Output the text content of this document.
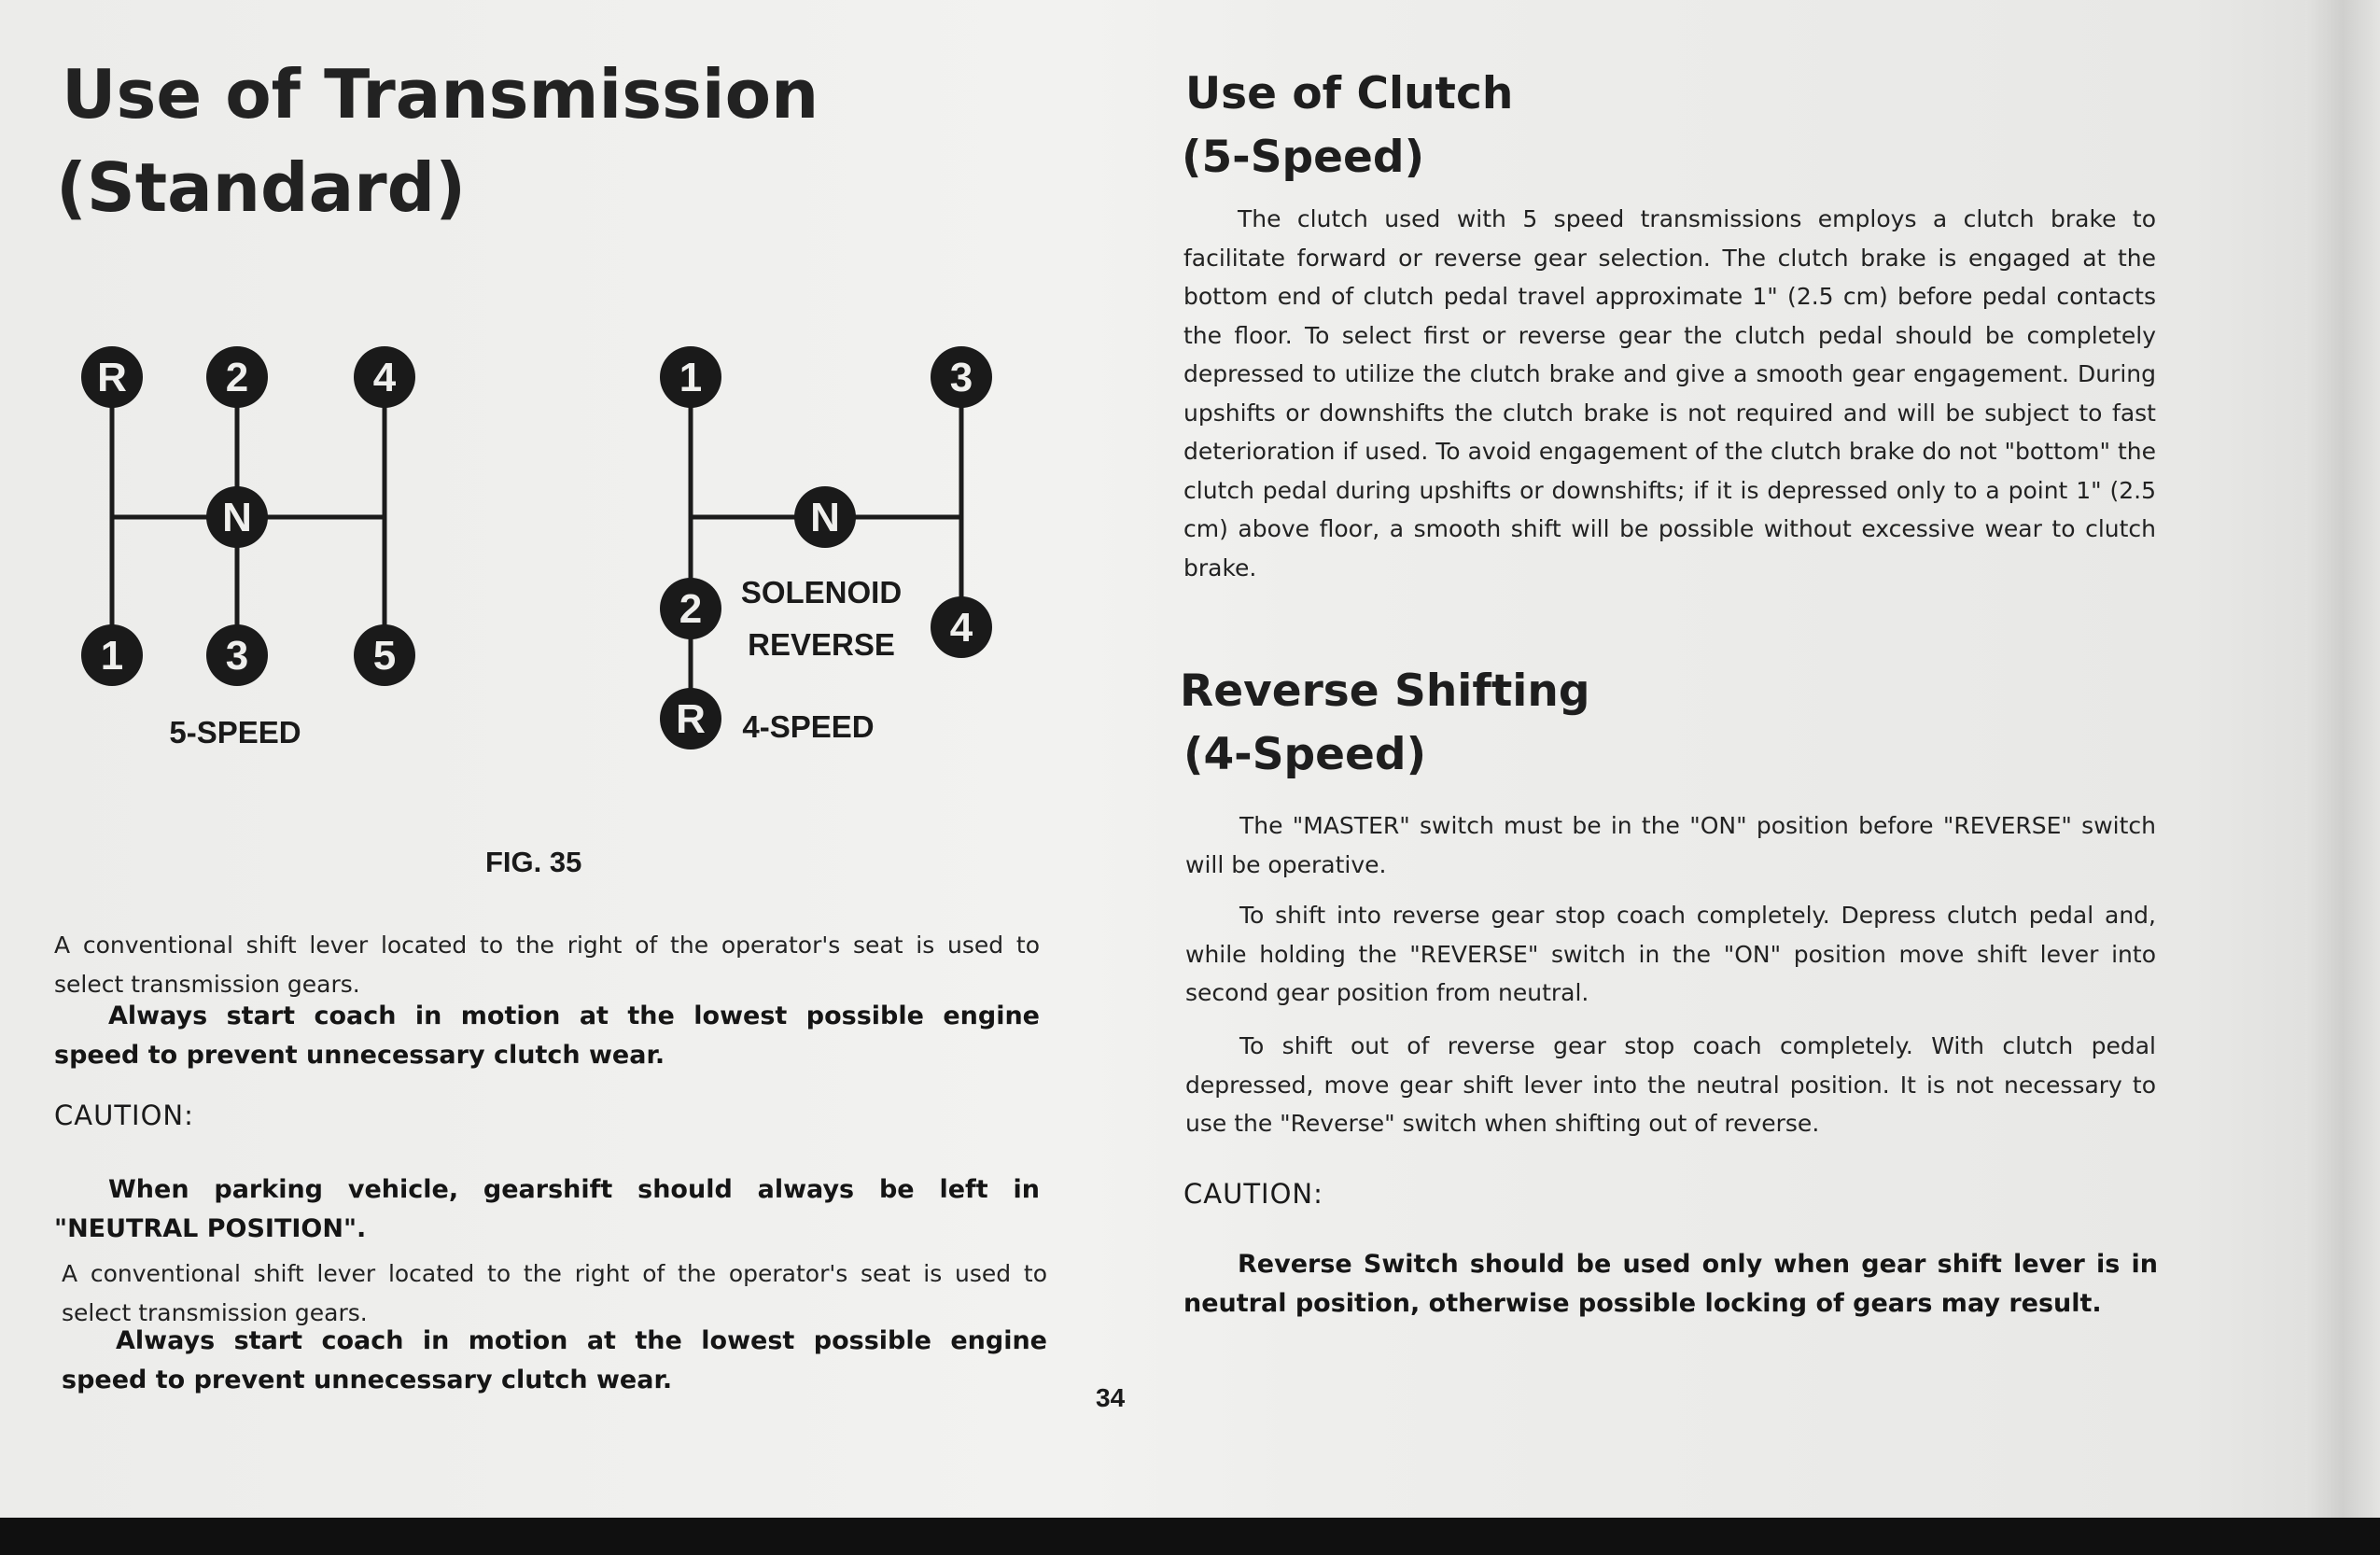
Use of Transmission
(Standard)
R 2	4
N
1 3	5
5-SPEED
1	3
N
2	4
R
SOLENOID
REVERSE
4-SPEED

FIG. 35

A conventional shift lever located to the right of the operator's seat is used to select transmission gears.

Always start coach in motion at the lowest possible engine speed to prevent unnecessary clutch wear.

CAUTION:

When parking vehicle, gearshift should always be left in "NEUTRAL POSITION".

A conventional shift lever located to the right of the operator's seat is used to select transmission gears.

Always start coach in motion at the lowest possible engine speed to prevent unnecessary clutch wear.

34

Use of Clutch
(5-Speed)

The clutch used with 5 speed transmissions employs a clutch brake to facilitate forward or reverse gear selection. The clutch brake is engaged at the bottom end of clutch pedal travel approximate 1" (2.5 cm) before pedal contacts the floor. To select first or reverse gear the clutch pedal should be completely depressed to utilize the clutch brake and give a smooth gear engagement. During upshifts or downshifts the clutch brake is not required and will be subject to fast deterioration if used. To avoid engagement of the clutch brake do not "bottom" the clutch pedal during upshifts or downshifts; if it is depressed only to a point 1" (2.5 cm) above floor, a smooth shift will be possible without excessive wear to clutch brake.

Reverse Shifting
(4-Speed)

The "MASTER" switch must be in the "ON" position before "REVERSE" switch will be operative.

To shift into reverse gear stop coach completely. Depress clutch pedal and, while holding the "REVERSE" switch in the "ON" position move shift lever into second gear position from neutral.

To shift out of reverse gear stop coach completely. With clutch pedal depressed, move gear shift lever into the neutral position. It is not necessary to use the "Reverse" switch when shifting out of reverse.

CAUTION:

Reverse Switch should be used only when gear shift lever is in neutral position, otherwise possible locking of gears may result.
